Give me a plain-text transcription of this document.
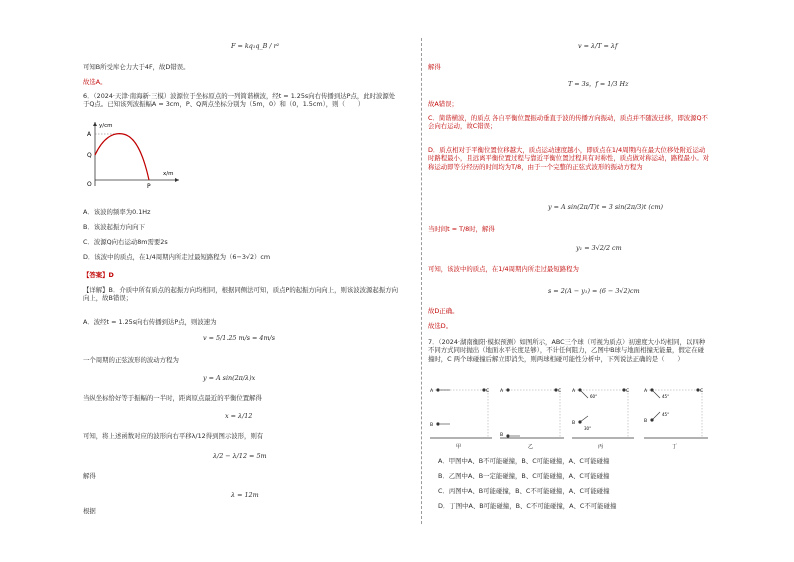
F = kq₁q_B / r²
可知B所受库仑力大于4F，故D错误。
故选A。
6．（2024·天津·南海新·三模）波源位于坐标原点的一列简谐横波，经t = 1.25s向右传播到达P点，此时波源处于Q点。已知该列波振幅A = 3cm，P、Q两点坐标分别为（5m，0）和（0，1.5cm），则（　　）
y/cm
x/m
A
Q
O	P
A．该波的频率为0.1Hz
B．该波起振方向向下
C．波源Q向右运动8m需要2s
D．该波中的质点，在1/4周期内所走过最短路程为（6−3√2）cm
【答案】D
【详解】B．介质中所有质点的起振方向均相同，根据同侧法可知，质点P的起振方向向上，则该波波源起振方向向上，故B错误；
A．波经t = 1.25s向右传播到达P点，则波速为
v = 5/1.25 m/s = 4m/s
一个周期的正弦波形的波动方程为
y = A sin(2π/λ)x
当纵坐标恰好等于振幅的一半时，距离原点最近的平衡位置解得
x = λ/12
可知，将上述函数对应的波形向右平移λ/12得到图示波形，则有
λ/2 − λ/12 = 5m
解得
λ = 12m
根据
v = λ/T = λf
解得
T = 3s，f = 1/3 Hz
故A错误；
C．简谐横波，的质点 各自平衡位置振动垂直于波的传播方向振动，质点并不随波迁移，即波源Q不会向右运动，故C错误；
D．质点相对于平衡位置位移越大，质点运动速度越小，即质点在1/4周期内在最大位移处附近运动时路程最小，且远离平衡位置过程与靠近平衡位置过程具有对称性，质点做对称运动，路程最小。对称运动即等分经历的时间均为T/8，由于一个完整的正弦式波形的振动方程为
y = A sin(2π/T)t = 3 sin(2π/3)t (cm)
当时间t = T/8时，解得
y₁ = 3√2/2 cm
可知，该波中的质点，在1/4周期内所走过最短路程为
s = 2(A − y₁) = (6 − 3√2)cm
故D正确。
故选D。
7．（2024·湖南衡阳·模拟预测）如图所示，ABC三个球（可视为质点）初速度大小均相同，以四种不同方式同时抛出（地面水平长度足够），不计任何阻力，乙图中B球与地面相撞无能量，假定在碰撞时，C 两个球碰撞后解立即消失，则两球相碰可能性分析中，下列说法正确的是（　　）
A	C
B
甲
A	C
B
乙
60°
30°
A	C
B
丙
45°
45°
A	C
B
丁
A．甲图中A、B不可能碰撞，B、C可能碰撞，A、C可能碰撞
B．乙图中A、B一定能碰撞，B、C可能碰撞，A、C可能碰撞
C．丙图中A、B可能碰撞，B、C不可能碰撞，A、C可能碰撞
D．丁图中A、B可能碰撞，B、C不可能碰撞，A、C不可能碰撞
